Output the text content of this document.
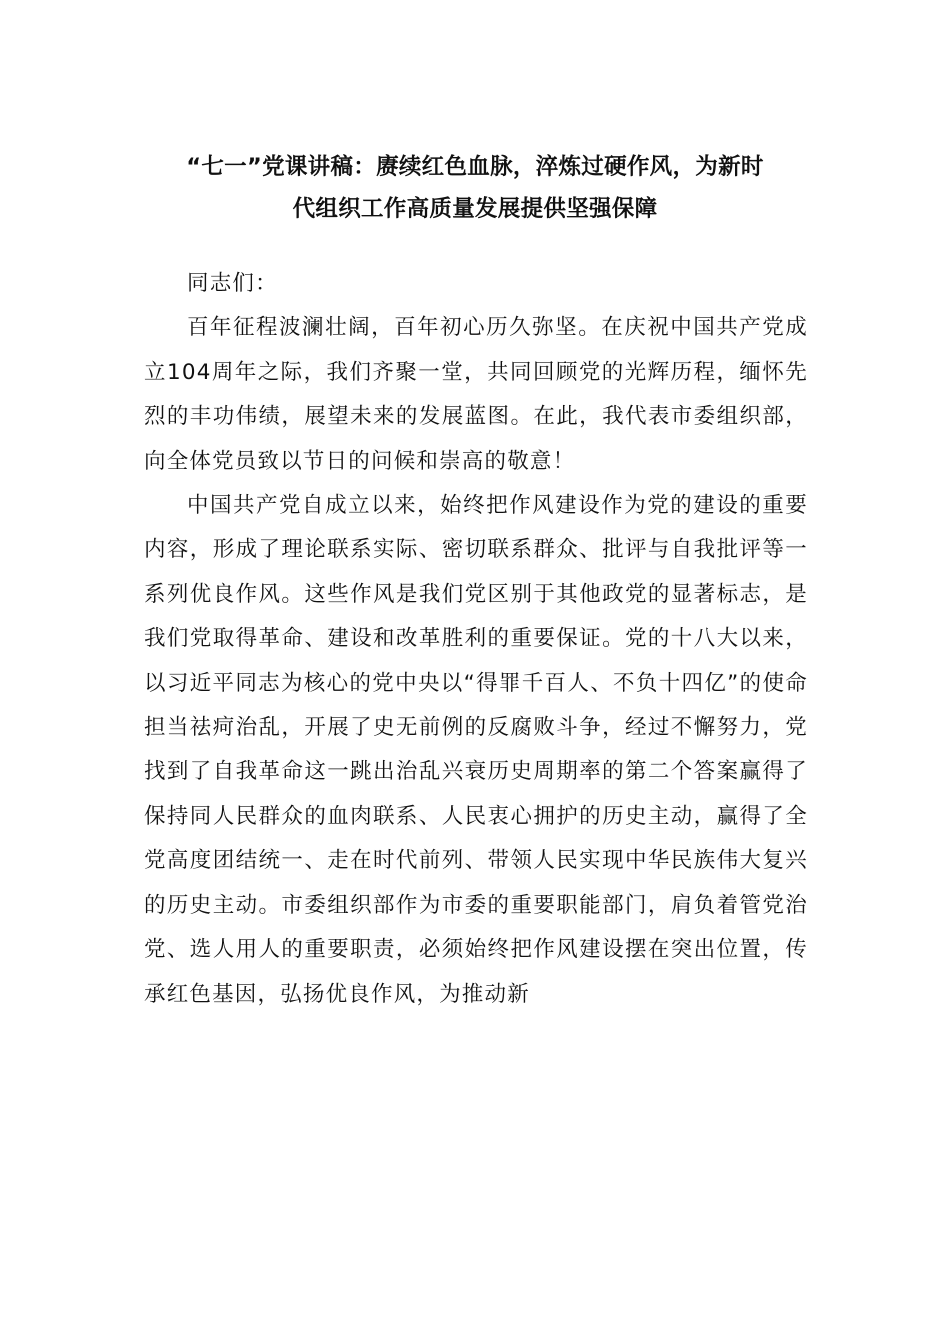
“七一”党课讲稿：赓续红色血脉，淬炼过硬作风，为新时
代组织工作高质量发展提供坚强保障

同志们：

百年征程波澜壮阔，百年初心历久弥坚。在庆祝中国共产党成立104周年之际，我们齐聚一堂，共同回顾党的光辉历程，缅怀先烈的丰功伟绩，展望未来的发展蓝图。在此，我代表市委组织部，向全体党员致以节日的问候和崇高的敬意！

中国共产党自成立以来，始终把作风建设作为党的建设的重要内容，形成了理论联系实际、密切联系群众、批评与自我批评等一系列优良作风。这些作风是我们党区别于其他政党的显著标志，是我们党取得革命、建设和改革胜利的重要保证。党的十八大以来，以习近平同志为核心的党中央以“得罪千百人、不负十四亿”的使命担当祛疴治乱，开展了史无前例的反腐败斗争，经过不懈努力，党找到了自我革命这一跳出治乱兴衰历史周期率的第二个答案赢得了保持同人民群众的血肉联系、人民衷心拥护的历史主动，赢得了全党高度团结统一、走在时代前列、带领人民实现中华民族伟大复兴的历史主动。市委组织部作为市委的重要职能部门，肩负着管党治党、选人用人的重要职责，必须始终把作风建设摆在突出位置，传承红色基因，弘扬优良作风，为推动新
